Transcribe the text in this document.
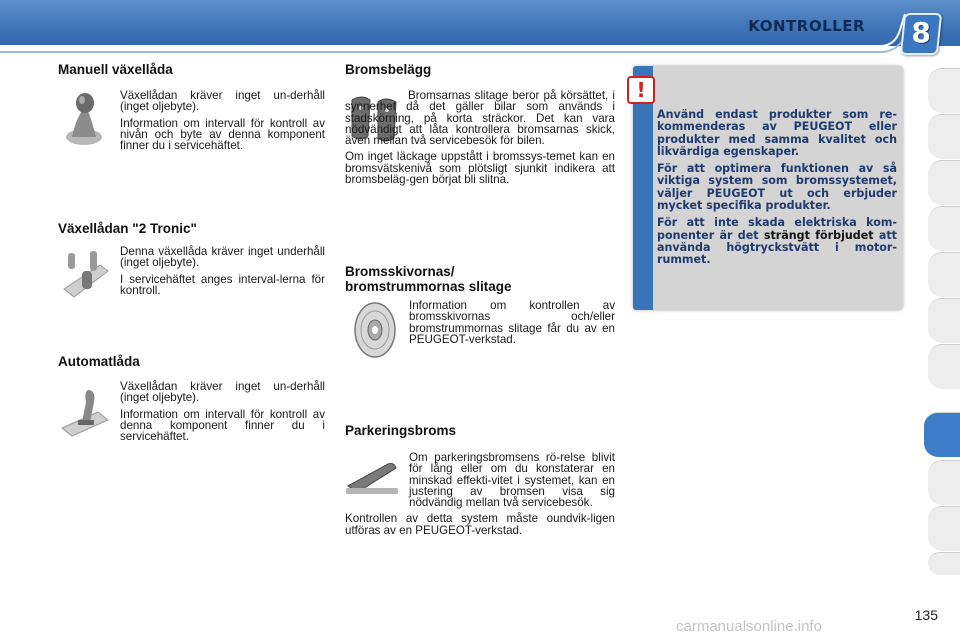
KONTROLLER 8
Manuell växellåda

Växellådan kräver inget un-derhåll (inget oljebyte).

Information om intervall för kontroll av nivån och byte av denna komponent finner du i servicehäftet.

Växellådan "2 Tronic"

Denna växellåda kräver inget underhåll (inget oljebyte).

I servicehäftet anges interval-lerna för kontroll.

Automatlåda

Växellådan kräver inget un-derhåll (inget oljebyte).

Information om intervall för kontroll av denna komponent finner du i servicehäftet.

Bromsbelägg

Bromsarnas slitage beror på körsättet, i synnerhet då det gäller bilar som används i stadskörning, på korta sträckor. Det kan vara nödvändigt att låta kontrollera bromsarnas skick, även mellan två servicebesök för bilen.

Om inget läckage uppstått i bromssys-temet kan en bromsvätskenivå som plötsligt sjunkit indikera att bromsbeläg-gen börjat bli slitna.

Bromsskivornas/
bromstrummornas slitage

Information om kontrollen av bromsskivornas och/eller bromstrummornas slitage får du av en PEUGEOT-verkstad.

Parkeringsbroms

Om parkeringsbromsens rö-relse blivit för lång eller om du konstaterar en minskad effekti-vitet i systemet, kan en justering av bromsen visa sig nödvändig mellan två servicebesök.

Kontrollen av detta system måste oundvik-ligen utföras av en PEUGEOT-verkstad.

!

Använd endast produkter som re-kommenderas av PEUGEOT eller produkter med samma kvalitet och likvärdiga egenskaper.

För att optimera funktionen av så viktiga system som bromssystemet, väljer PEUGEOT ut och erbjuder mycket specifika produkter.

För att inte skada elektriska kom-ponenter är det strängt förbjudet att använda högtryckstvätt i motor-rummet.

135
carmanualsonline.info
